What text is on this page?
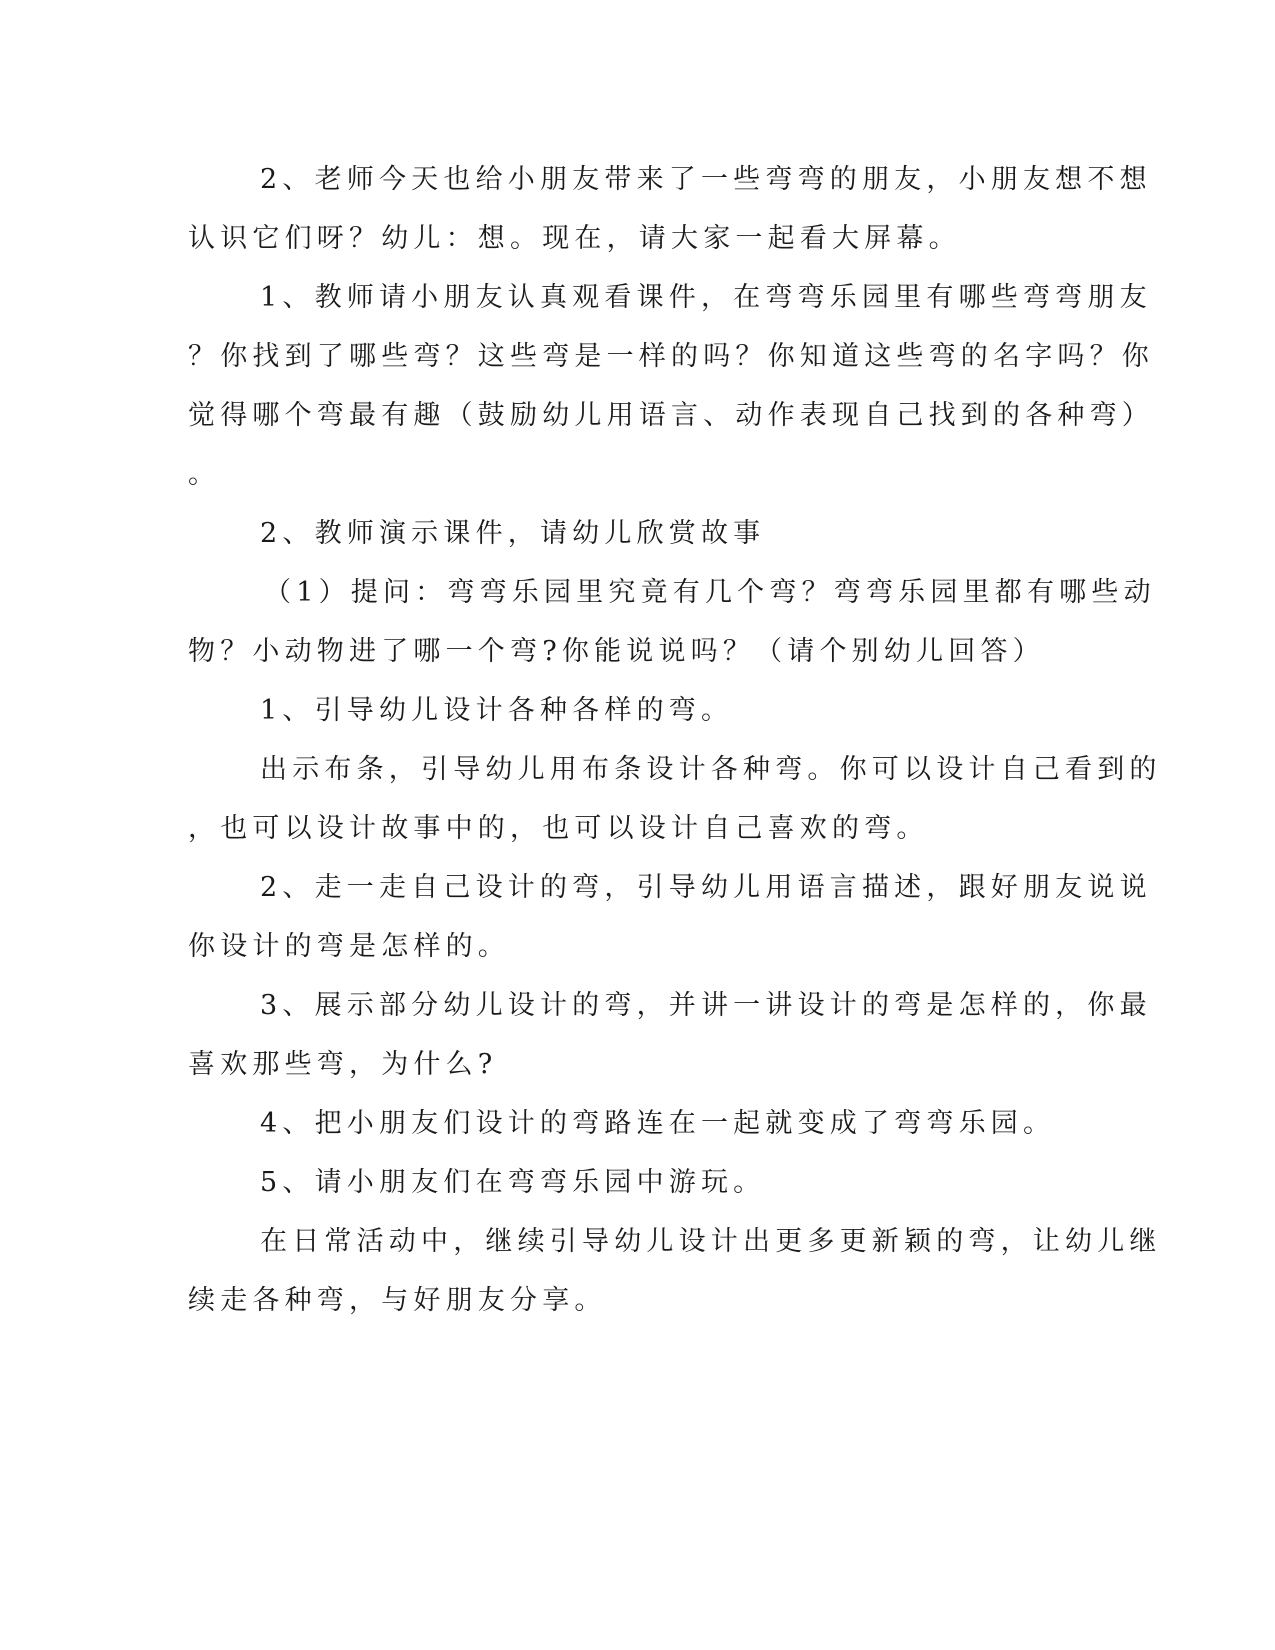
2、老师今天也给小朋友带来了一些弯弯的朋友，小朋友想不想
认识它们呀？幼儿：想。现在，请大家一起看大屏幕。
1、教师请小朋友认真观看课件，在弯弯乐园里有哪些弯弯朋友
？你找到了哪些弯？这些弯是一样的吗？你知道这些弯的名字吗？你
觉得哪个弯最有趣（鼓励幼儿用语言、动作表现自己找到的各种弯）
。
2、教师演示课件，请幼儿欣赏故事
（1）提问：弯弯乐园里究竟有几个弯？弯弯乐园里都有哪些动
物？小动物进了哪一个弯?你能说说吗？（请个别幼儿回答）
1、引导幼儿设计各种各样的弯。
出示布条，引导幼儿用布条设计各种弯。你可以设计自己看到的
，也可以设计故事中的，也可以设计自己喜欢的弯。
2、走一走自己设计的弯，引导幼儿用语言描述，跟好朋友说说
你设计的弯是怎样的。
3、展示部分幼儿设计的弯，并讲一讲设计的弯是怎样的，你最
喜欢那些弯，为什么?
4、把小朋友们设计的弯路连在一起就变成了弯弯乐园。
5、请小朋友们在弯弯乐园中游玩。
在日常活动中，继续引导幼儿设计出更多更新颖的弯，让幼儿继
续走各种弯，与好朋友分享。
